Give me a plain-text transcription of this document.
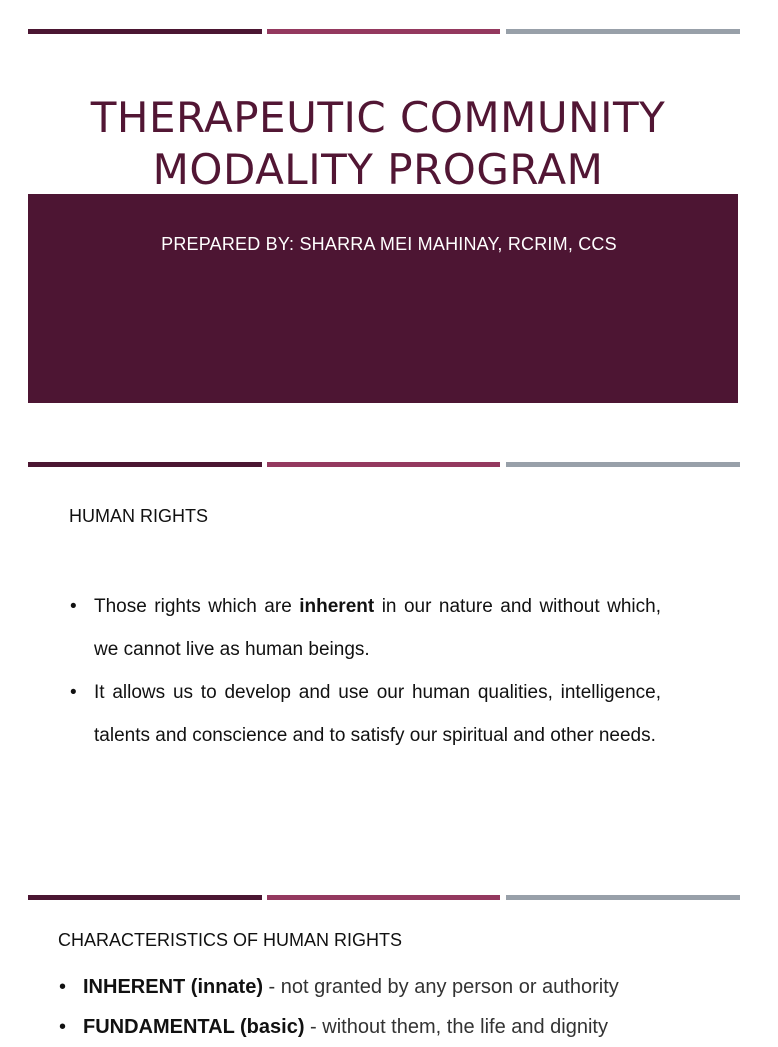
THERAPEUTIC COMMUNITY
MODALITY PROGRAM
PREPARED BY: SHARRA MEI MAHINAY, RCRIM, CCS
HUMAN RIGHTS
• Those rights which are inherent in our nature and without which, we cannot live as human beings.
• It allows us to develop and use our human qualities, intelligence, talents and conscience and to satisfy our spiritual and other needs.
CHARACTERISTICS OF HUMAN RIGHTS
• INHERENT (innate) - not granted by any person or authority
• FUNDAMENTAL (basic) - without them, the life and dignity
